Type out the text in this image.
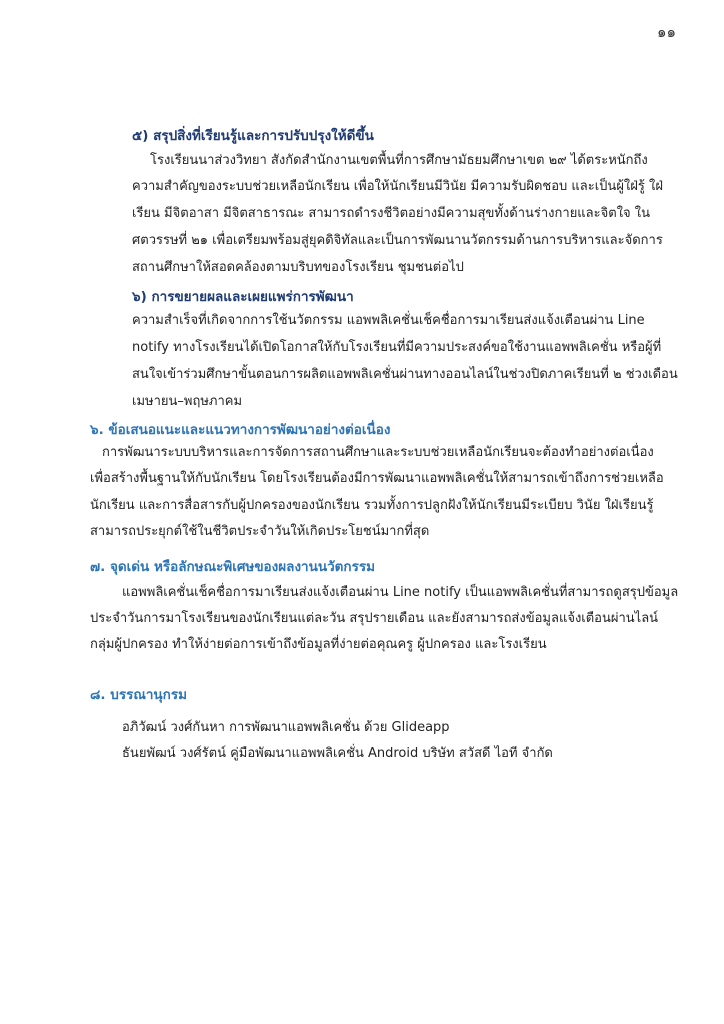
๑๑
๕) สรุปสิ่งที่เรียนรู้และการปรับปรุงให้ดีขึ้น
โรงเรียนนาส่วงวิทยา สังกัดสำนักงานเขตพื้นที่การศึกษามัธยมศึกษาเขต ๒๙ ได้ตระหนักถึง
ความสำคัญของระบบช่วยเหลือนักเรียน เพื่อให้นักเรียนมีวินัย มีความรับผิดชอบ และเป็นผู้ใฝ่รู้ ใฝ่
เรียน มีจิตอาสา มีจิตสาธารณะ สามารถดำรงชีวิตอย่างมีความสุขทั้งด้านร่างกายและจิตใจ ใน
ศตวรรษที่ ๒๑ เพื่อเตรียมพร้อมสู่ยุคดิจิทัลและเป็นการพัฒนานวัตกรรมด้านการบริหารและจัดการ
สถานศึกษาให้สอดคล้องตามบริบทของโรงเรียน ชุมชนต่อไป
๖) การขยายผลและเผยแพร่การพัฒนา
ความสำเร็จที่เกิดจากการใช้นวัตกรรม แอพพลิเคชั่นเช็คชื่อการมาเรียนส่งแจ้งเตือนผ่าน Line
notify ทางโรงเรียนได้เปิดโอกาสให้กับโรงเรียนที่มีความประสงค์ขอใช้งานแอพพลิเคชั่น หรือผู้ที่
สนใจเข้าร่วมศึกษาขั้นตอนการผลิตแอพพลิเคชั่นผ่านทางออนไลน์ในช่วงปิดภาคเรียนที่ ๒ ช่วงเดือน
เมษายน–พฤษภาคม
๖. ข้อเสนอแนะและแนวทางการพัฒนาอย่างต่อเนื่อง
การพัฒนาระบบบริหารและการจัดการสถานศึกษาและระบบช่วยเหลือนักเรียนจะต้องทำอย่างต่อเนื่อง
เพื่อสร้างพื้นฐานให้กับนักเรียน โดยโรงเรียนต้องมีการพัฒนาแอพพลิเคชั่นให้สามารถเข้าถึงการช่วยเหลือ
นักเรียน และการสื่อสารกับผู้ปกครองของนักเรียน รวมทั้งการปลูกฝังให้นักเรียนมีระเบียบ วินัย ใฝ่เรียนรู้
สามารถประยุกต์ใช้ในชีวิตประจำวันให้เกิดประโยชน์มากที่สุด
๗. จุดเด่น หรือลักษณะพิเศษของผลงานนวัตกรรม
แอพพลิเคชั่นเช็คชื่อการมาเรียนส่งแจ้งเตือนผ่าน Line notify เป็นแอพพลิเคชั่นที่สามารถดูสรุปข้อมูล
ประจำวันการมาโรงเรียนของนักเรียนแต่ละวัน สรุปรายเดือน และยังสามารถส่งข้อมูลแจ้งเตือนผ่านไลน์
กลุ่มผู้ปกครอง ทำให้ง่ายต่อการเข้าถึงข้อมูลที่ง่ายต่อคุณครู ผู้ปกครอง และโรงเรียน
๘. บรรณานุกรม
อภิวัฒน์ วงศ์กันหา การพัฒนาแอพพลิเคชั่น ด้วย Glideapp
ธันยพัฒน์ วงศ์รัตน์ คู่มือพัฒนาแอพพลิเคชั่น Android บริษัท สวัสดี ไอที จำกัด
